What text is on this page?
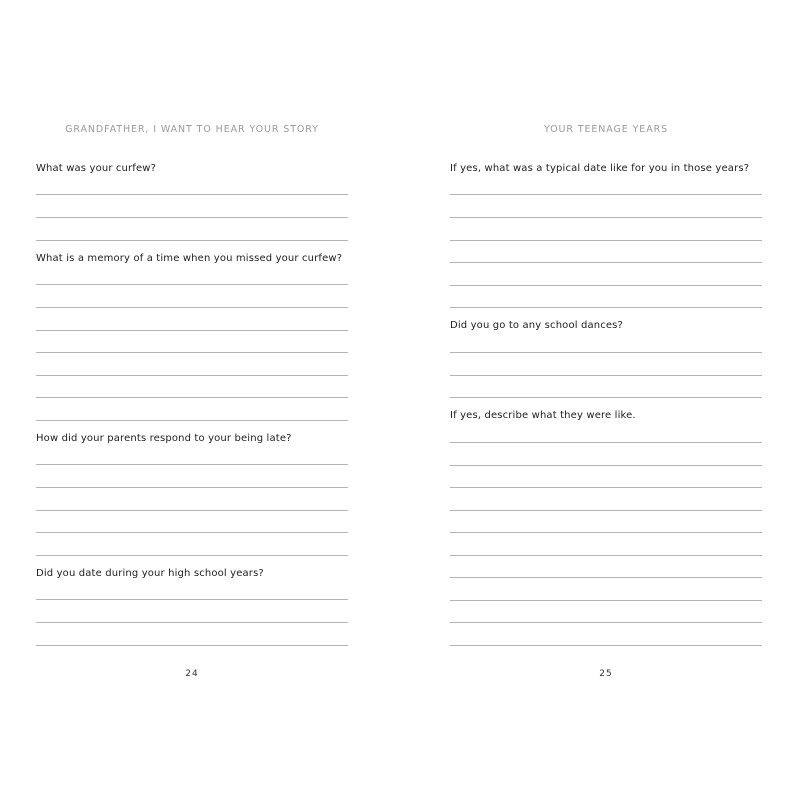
GRANDFATHER, I WANT TO HEAR YOUR STORY
What was your curfew?
What is a memory of a time when you missed your curfew?
How did your parents respond to your being late?
Did you date during your high school years?
24
YOUR TEENAGE YEARS
If yes, what was a typical date like for you in those years?
Did you go to any school dances?
If yes, describe what they were like.
25
